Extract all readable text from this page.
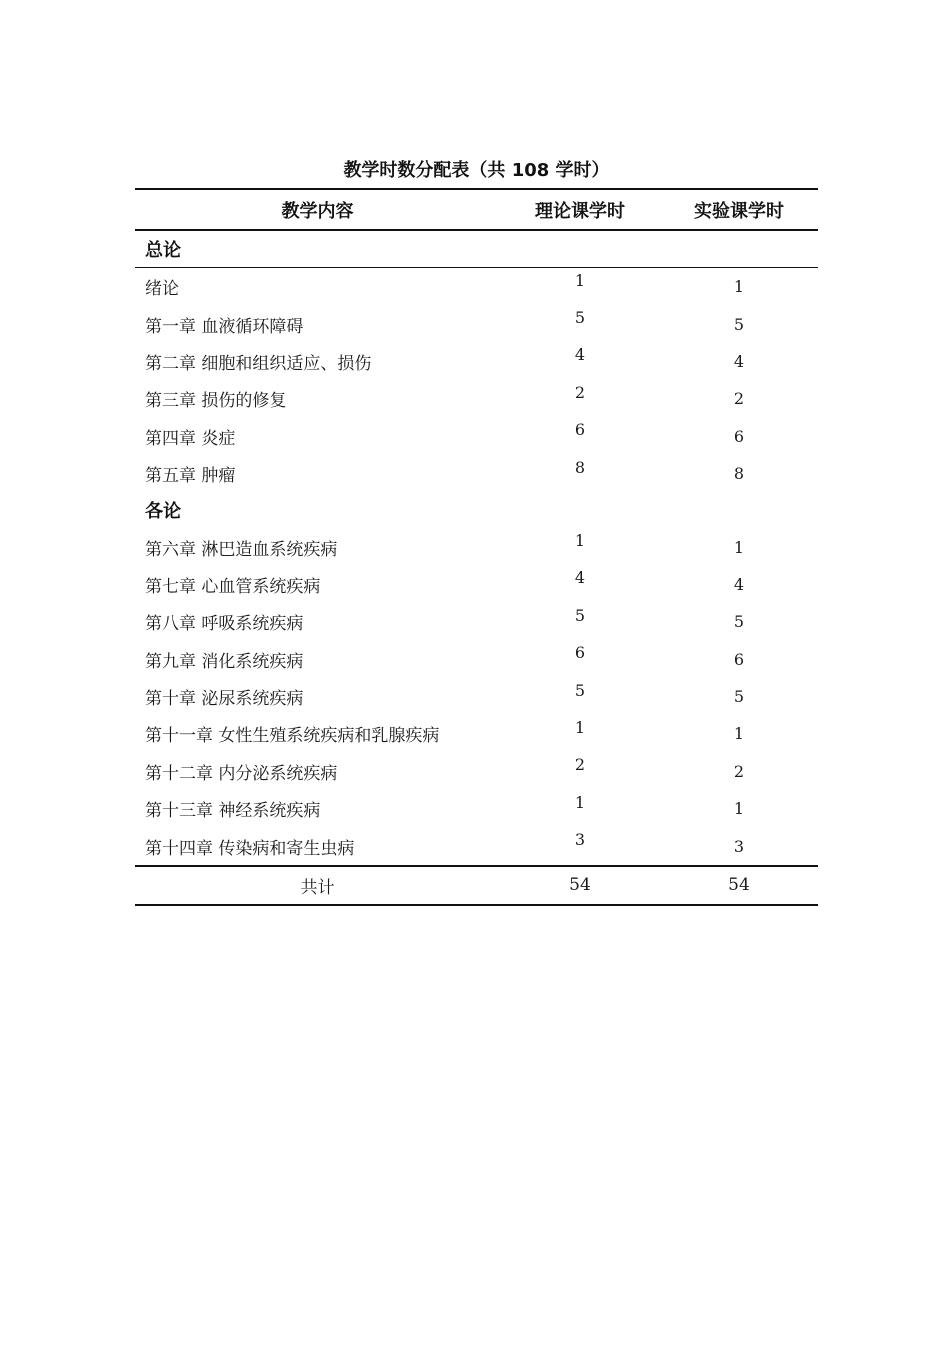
教学时数分配表（共 108 学时）
教学内容	理论课学时	实验课学时
总论		
绪论	1	1
第一章 血液循环障碍	5	5
第二章 细胞和组织适应、损伤	4	4
第三章 损伤的修复	2	2
第四章 炎症	6	6
第五章 肿瘤	8	8
各论		
第六章 淋巴造血系统疾病	1	1
第七章 心血管系统疾病	4	4
第八章 呼吸系统疾病	5	5
第九章 消化系统疾病	6	6
第十章 泌尿系统疾病	5	5
第十一章 女性生殖系统疾病和乳腺疾病	1	1
第十二章 内分泌系统疾病	2	2
第十三章 神经系统疾病	1	1
第十四章 传染病和寄生虫病	3	3
共计	54	54
